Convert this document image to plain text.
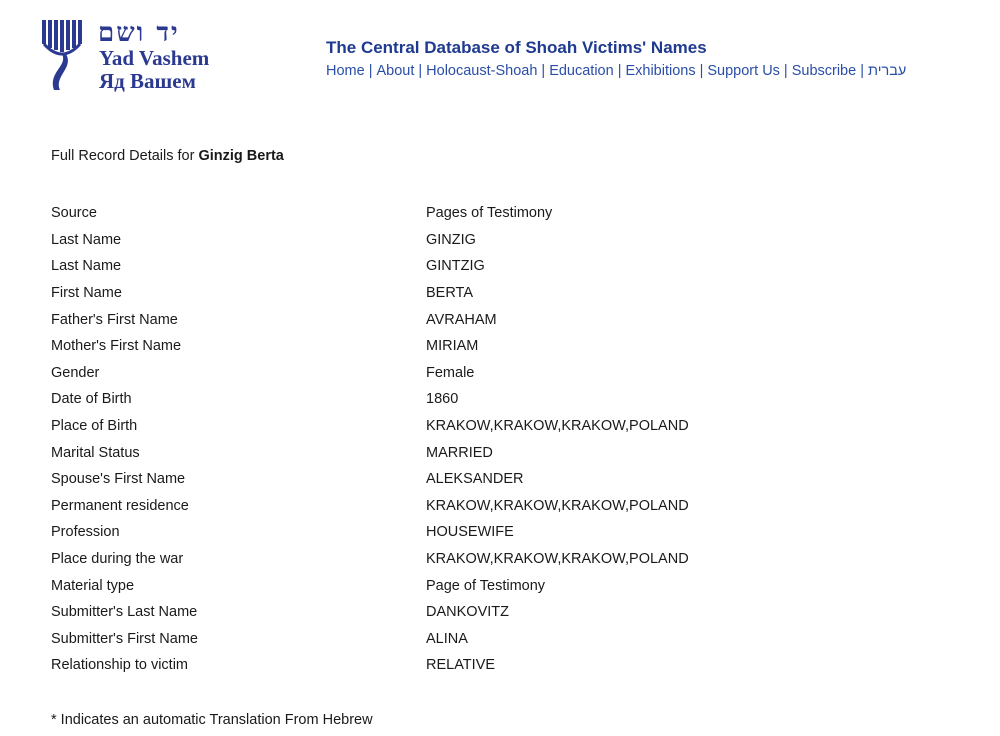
יד ושם
Yad Vashem
Яд Вашем
The Central Database of Shoah Victims' Names
Home | About | Holocaust-Shoah | Education | Exhibitions | Support Us | Subscribe | עברית
Full Record Details for Ginzig Berta
Source	Pages of Testimony
Last Name	GINZIG
Last Name	GINTZIG
First Name	BERTA
Father's First Name	AVRAHAM
Mother's First Name	MIRIAM
Gender	Female
Date of Birth	1860
Place of Birth	KRAKOW,KRAKOW,KRAKOW,POLAND
Marital Status	MARRIED
Spouse's First Name	ALEKSANDER
Permanent residence	KRAKOW,KRAKOW,KRAKOW,POLAND
Profession	HOUSEWIFE
Place during the war	KRAKOW,KRAKOW,KRAKOW,POLAND
Material type	Page of Testimony
Submitter's Last Name	DANKOVITZ
Submitter's First Name	ALINA
Relationship to victim	RELATIVE
* Indicates an automatic Translation From Hebrew
